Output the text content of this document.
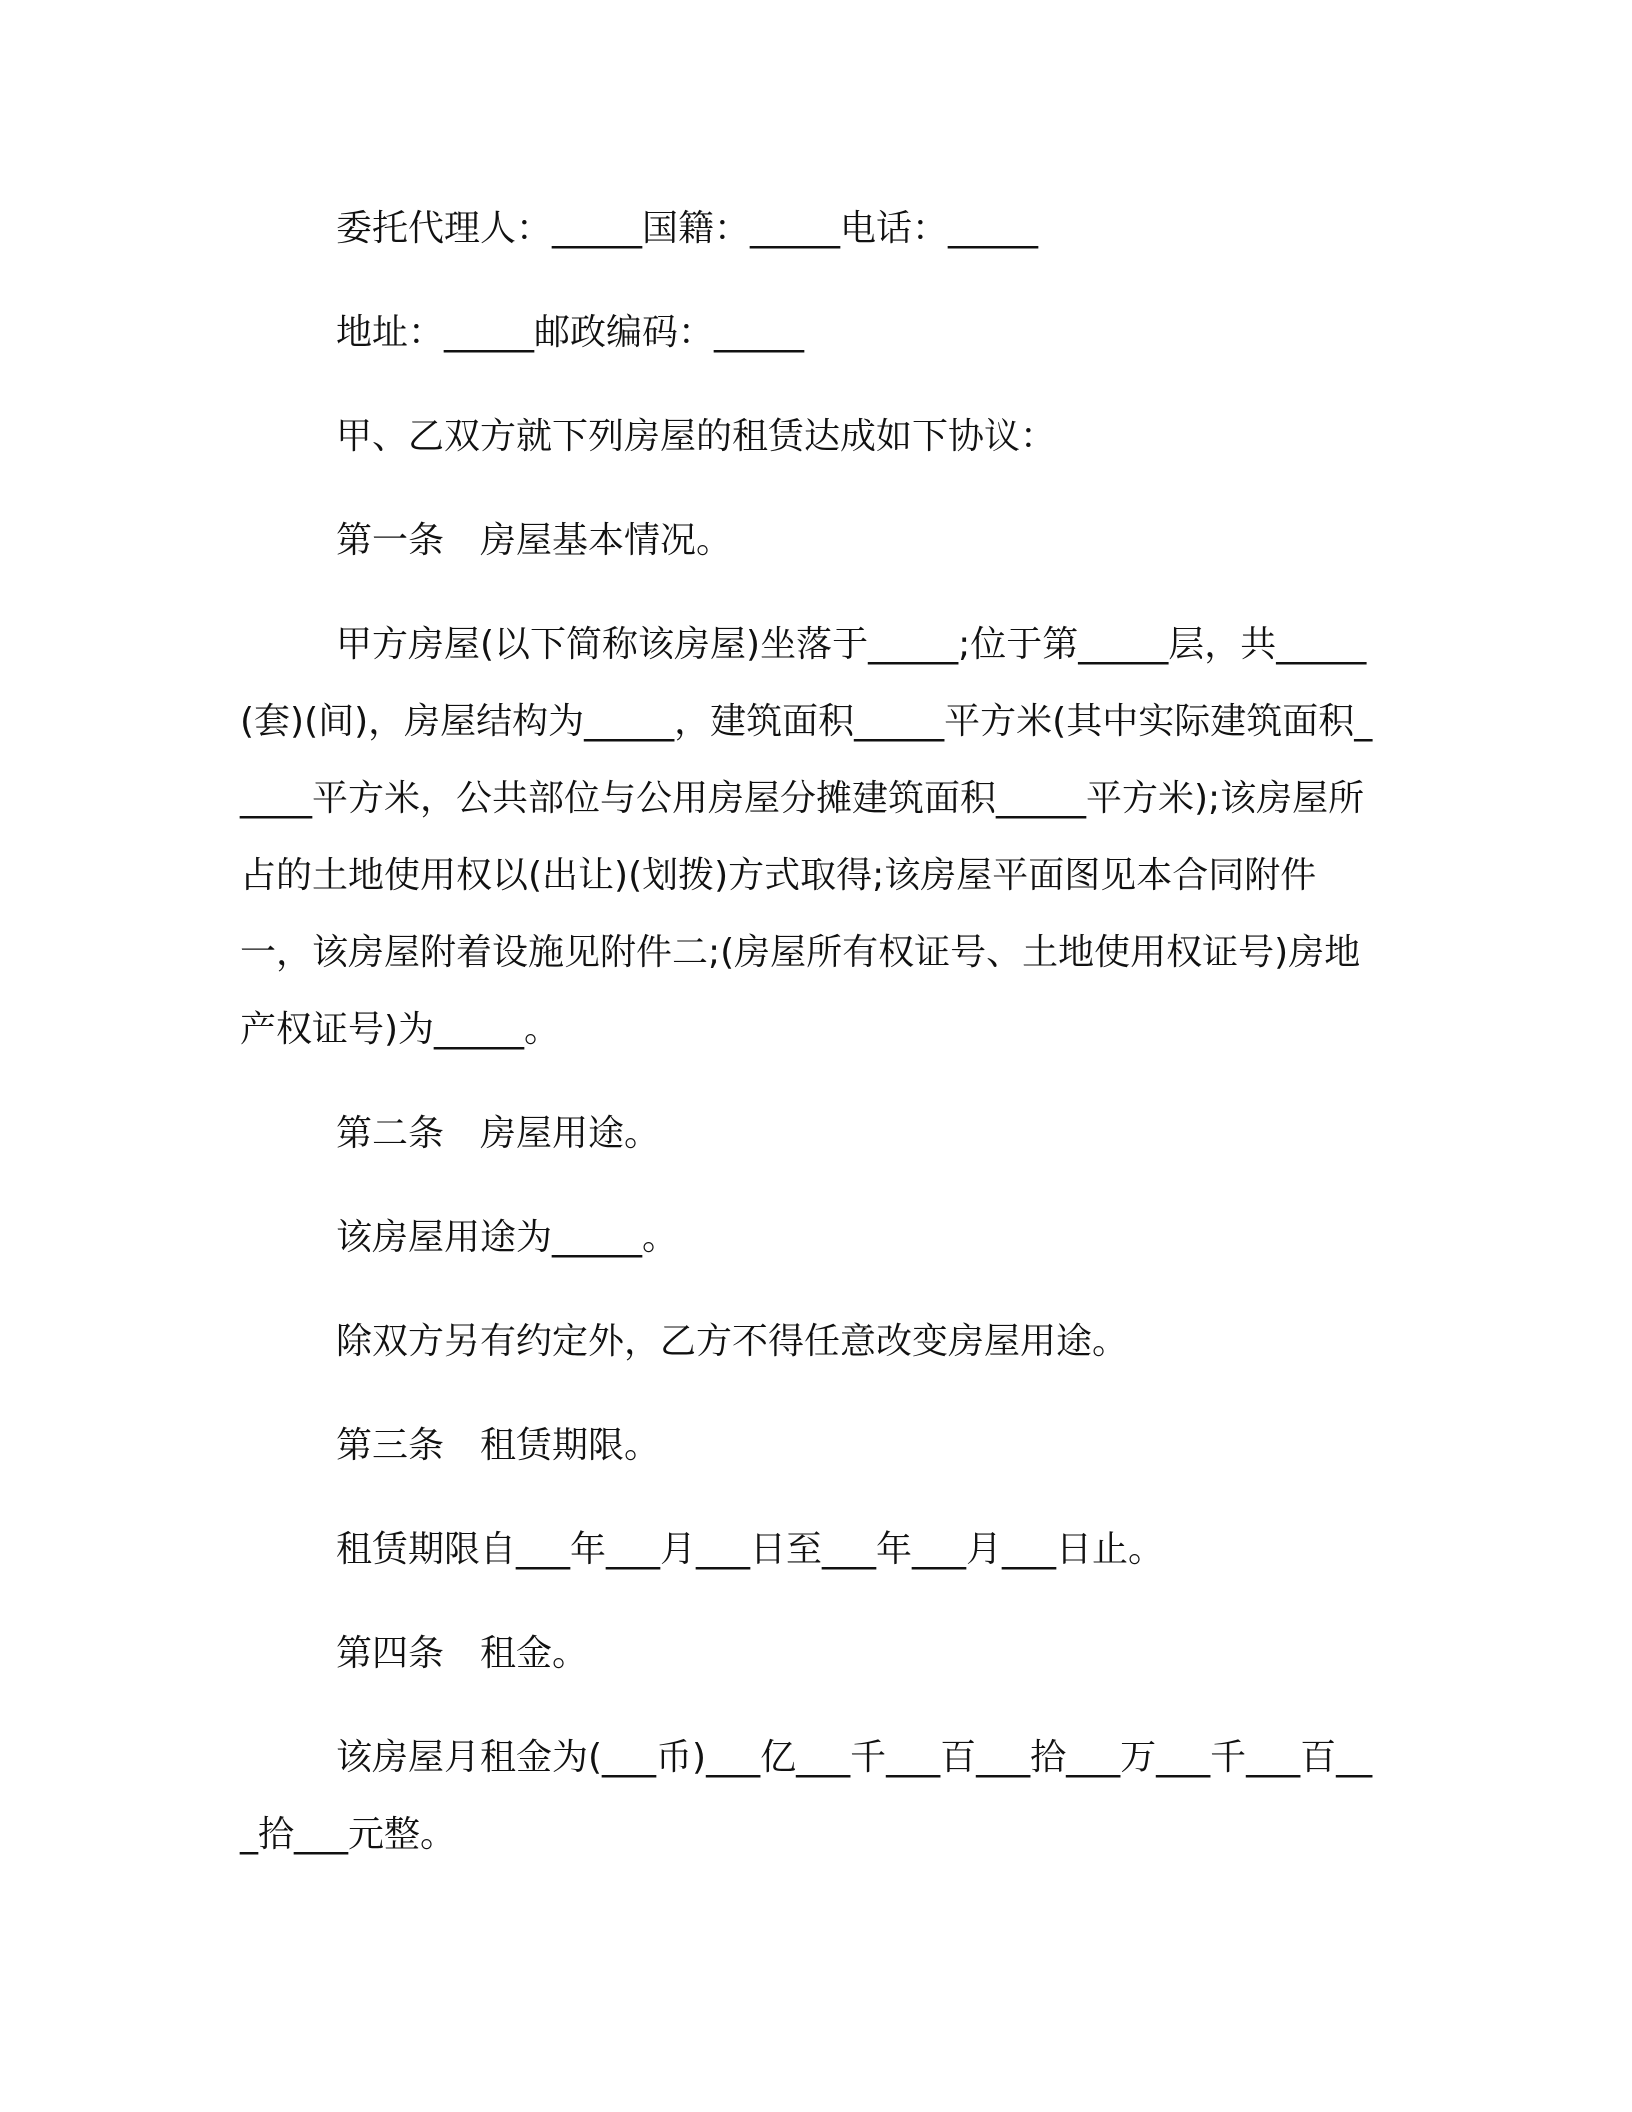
委托代理人：_____国籍：_____电话：_____

地址：_____邮政编码：_____

甲、乙双方就下列房屋的租赁达成如下协议：

第一条　房屋基本情况。

甲方房屋(以下简称该房屋)坐落于_____;位于第_____层，共_____(套)(间)，房屋结构为_____，建筑面积_____平方米(其中实际建筑面积_____平方米，公共部位与公用房屋分摊建筑面积_____平方米);该房屋所占的土地使用权以(出让)(划拨)方式取得;该房屋平面图见本合同附件一，该房屋附着设施见附件二;(房屋所有权证号、土地使用权证号)房地产权证号)为_____。

第二条　房屋用途。

该房屋用途为_____。

除双方另有约定外，乙方不得任意改变房屋用途。

第三条　租赁期限。

租赁期限自___年___月___日至___年___月___日止。

第四条　租金。

该房屋月租金为(___币)___亿___千___百___拾___万___千___百___拾___元整。
